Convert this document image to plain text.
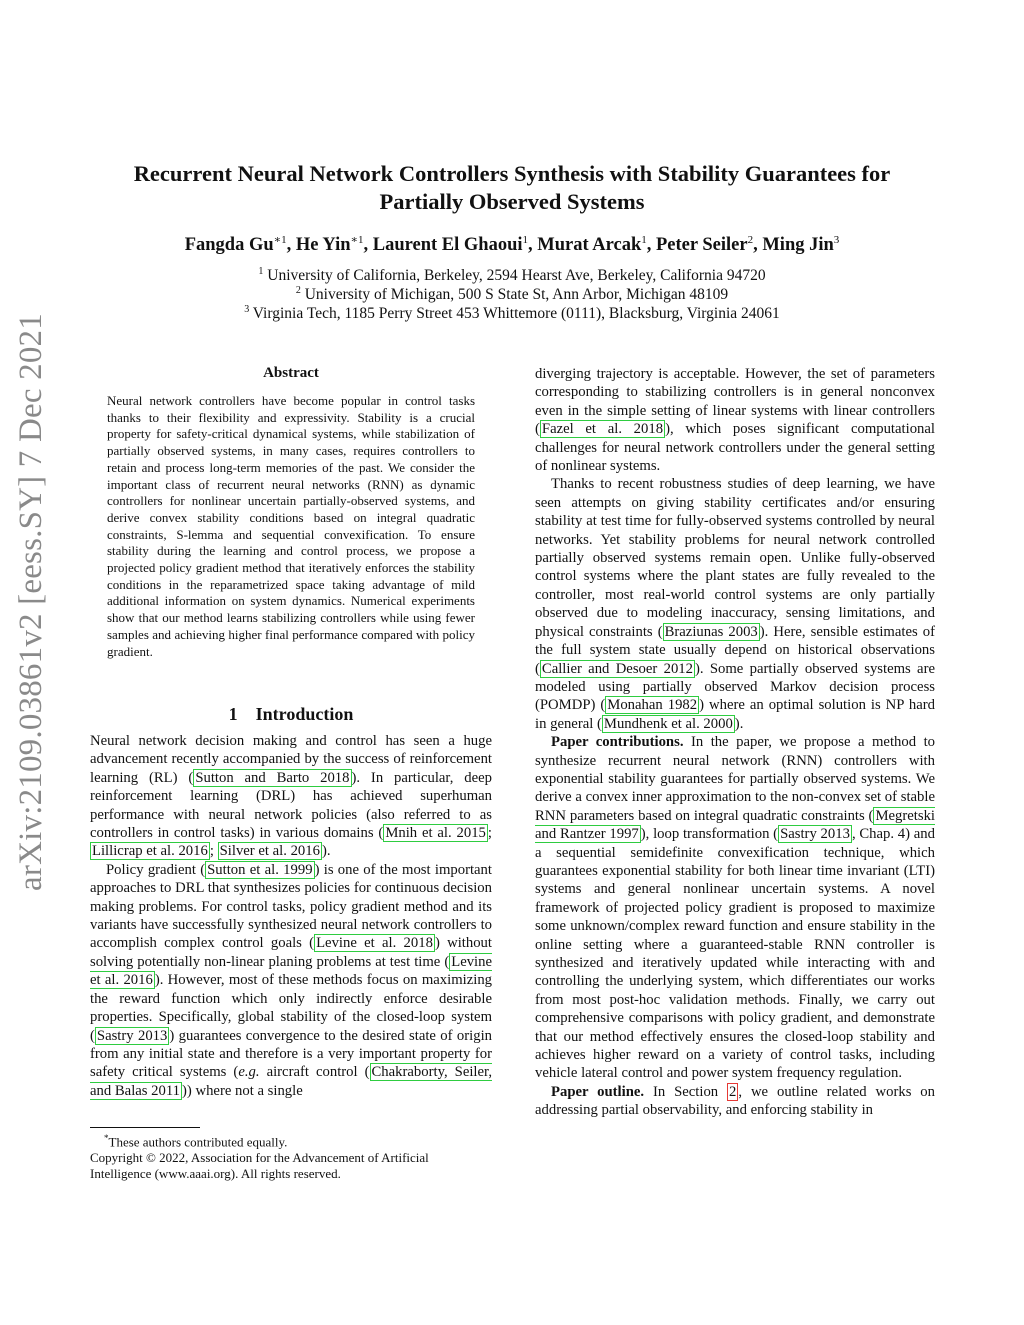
arXiv:2109.03861v2 [eess.SY] 7 Dec 2021
Recurrent Neural Network Controllers Synthesis with Stability Guarantees for
Partially Observed Systems
Fangda $Gu^{∗1}$, He Yin$^{∗1}$, Laurent El Ghaoui$^1$, Murat Arcak$^1$, Peter Seiler$^2$, Ming Jin$^3$
$^1$ University of California, Berkeley, 2594 Hearst Ave, Berkeley, California 94720
$^2$ University of Michigan, 500 S State St, Ann Arbor, Michigan 48109
$^3$ Virginia Tech, 1185 Perry Street 453 Whittemore (0111), Blacksburg, Virginia 24061
Abstract
Neural network controllers have become popular in control tasks thanks to their flexibility and expressivity. Stability is a crucial property for safety-critical dynamical systems, while stabilization of partially observed systems, in many cases, requires controllers to retain and process long-term memories of the past. We consider the important class of recurrent neural networks (RNN) as dynamic controllers for nonlinear uncertain partially-observed systems, and derive convex stability conditions based on integral quadratic constraints, S-lemma and sequential convexification. To ensure stability during the learning and control process, we propose a projected policy gradient method that iteratively enforces the stability conditions in the reparametrized space taking advantage of mild additional information on system dynamics. Numerical experiments show that our method learns stabilizing controllers while using fewer samples and achieving higher final performance compared with policy gradient.
1 Introduction

Neural network decision making and control has seen a huge advancement recently accompanied by the success of reinforcement learning (RL) ( Sutton and Barto 2018 ). In particular, deep reinforcement learning (DRL) has achieved superhuman performance with neural network policies (also referred to as controllers in control tasks) in various domains ( Mnih et al. 2015 ; Lillicrap et al. 2016 ; Silver et al. 2016 ).

Policy gradient ( Sutton et al. 1999 ) is one of the most important approaches to DRL that synthesizes policies for continuous decision making problems. For control tasks, policy gradient method and its variants have successfully synthesized neural network controllers to accomplish complex control goals ( Levine et al. 2018 ) without solving potentially non-linear planing problems at test time ( Levine et al. 2016 ). However, most of these methods focus on maximizing the reward function which only indirectly enforce desirable properties. Specifically, global stability of the closed-loop system ( Sastry 2013 ) guarantees convergence to the desired state of origin from any initial state and therefore is a very important property for safety critical systems (e.g. aircraft control ( Chakraborty, Seiler, and Balas 2011 )) where not a single

diverging trajectory is acceptable. However, the set of parameters corresponding to stabilizing controllers is in general nonconvex even in the simple setting of linear systems with linear controllers ( Fazel et al. 2018 ), which poses significant computational challenges for neural network controllers under the general setting of nonlinear systems.

Thanks to recent robustness studies of deep learning, we have seen attempts on giving stability certificates and/or ensuring stability at test time for fully-observed systems controlled by neural networks. Yet stability problems for neural network controlled partially observed systems remain open. Unlike fully-observed control systems where the plant states are fully revealed to the controller, most real-world control systems are only partially observed due to modeling inaccuracy, sensing limitations, and physical constraints ( Braziunas 2003 ). Here, sensible estimates of the full system state usually depend on historical observations ( Callier and Desoer 2012 ). Some partially observed systems are modeled using partially observed Markov decision process (POMDP) ( Monahan 1982 ) where an optimal solution is NP hard in general ( Mundhenk et al. 2000 ).

Paper contributions. In the paper, we propose a method to synthesize recurrent neural network (RNN) controllers with exponential stability guarantees for partially observed systems. We derive a convex inner approximation to the non-convex set of stable RNN parameters based on integral quadratic constraints ( Megretski and Rantzer 1997 ), loop transformation ( Sastry 2013 , Chap. 4) and a sequential semidefinite convexification technique, which guarantees exponential stability for both linear time invariant (LTI) systems and general nonlinear uncertain systems. A novel framework of projected policy gradient is proposed to maximize some unknown/complex reward function and ensure stability in the online setting where a guaranteed-stable RNN controller is synthesized and iteratively updated while interacting with and controlling the underlying system, which differentiates our works from most post-hoc validation methods. Finally, we carry out comprehensive comparisons with policy gradient, and demonstrate that our method effectively ensures the closed-loop stability and achieves higher reward on a variety of control tasks, including vehicle lateral control and power system frequency regulation.

Paper outline. In Section 2 , we outline related works on addressing partial observability, and enforcing stability in

*These authors contributed equally.
Copyright © 2022, Association for the Advancement of Artificial Intelligence (www.aaai.org). All rights reserved.
